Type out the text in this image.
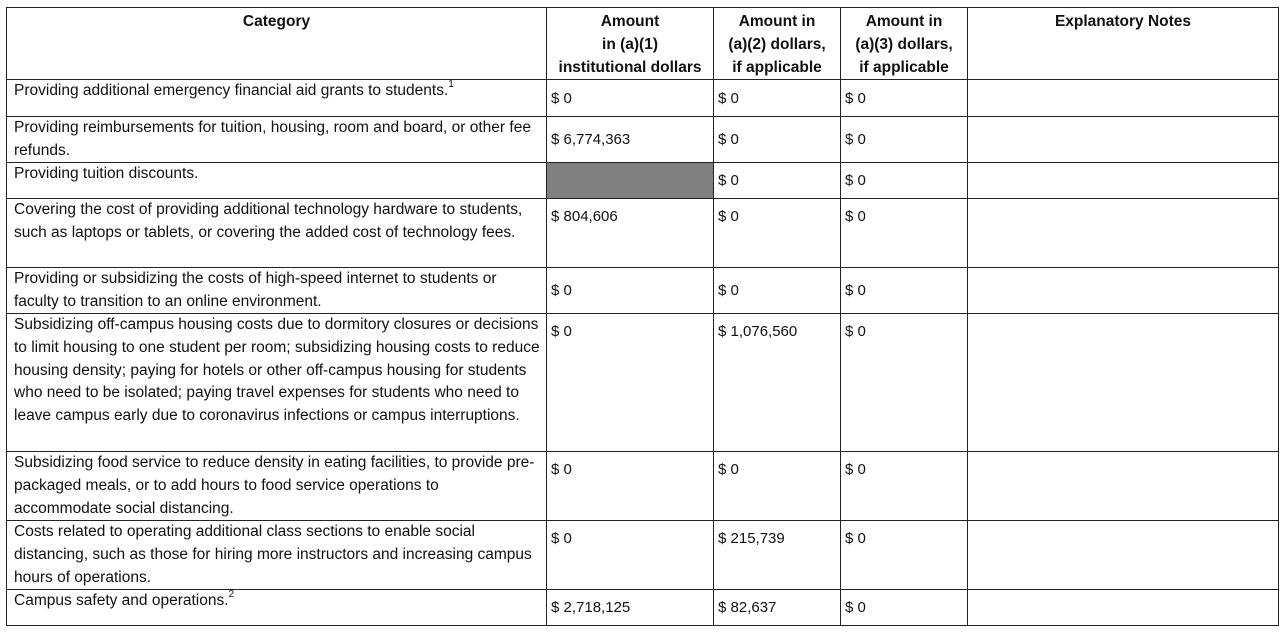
Category	Amount
in (a)(1)
institutional dollars	Amount in
(a)(2) dollars,
if applicable	Amount in
(a)(3) dollars,
if applicable	Explanatory Notes

Providing additional emergency financial aid grants to students.$^1$	$ 0	$ 0	$ 0	
Providing reimbursements for tuition, housing, room and board, or other fee refunds.	$ 6,774,363	$ 0	$ 0	
Providing tuition discounts.		$ 0	$ 0	
Covering the cost of providing additional technology hardware to students, such as laptops or tablets, or covering the added cost of technology fees.	$ 804,606	$ 0	$ 0	
Providing or subsidizing the costs of high-speed internet to students or faculty to transition to an online environment.	$ 0	$ 0	$ 0	
Subsidizing off-campus housing costs due to dormitory closures or decisions to limit housing to one student per room; subsidizing housing costs to reduce housing density; paying for hotels or other off-campus housing for students who need to be isolated; paying travel expenses for students who need to leave campus early due to coronavirus infections or campus interruptions.	$ 0	$ 1,076,560	$ 0	
Subsidizing food service to reduce density in eating facilities, to provide pre-packaged meals, or to add hours to food service operations to accommodate social distancing.	$ 0	$ 0	$ 0	
Costs related to operating additional class sections to enable social distancing, such as those for hiring more instructors and increasing campus hours of operations.	$ 0	$ 215,739	$ 0	
Campus safety and operations.$^2$	$ 2,718,125	$ 82,637	$ 0	
